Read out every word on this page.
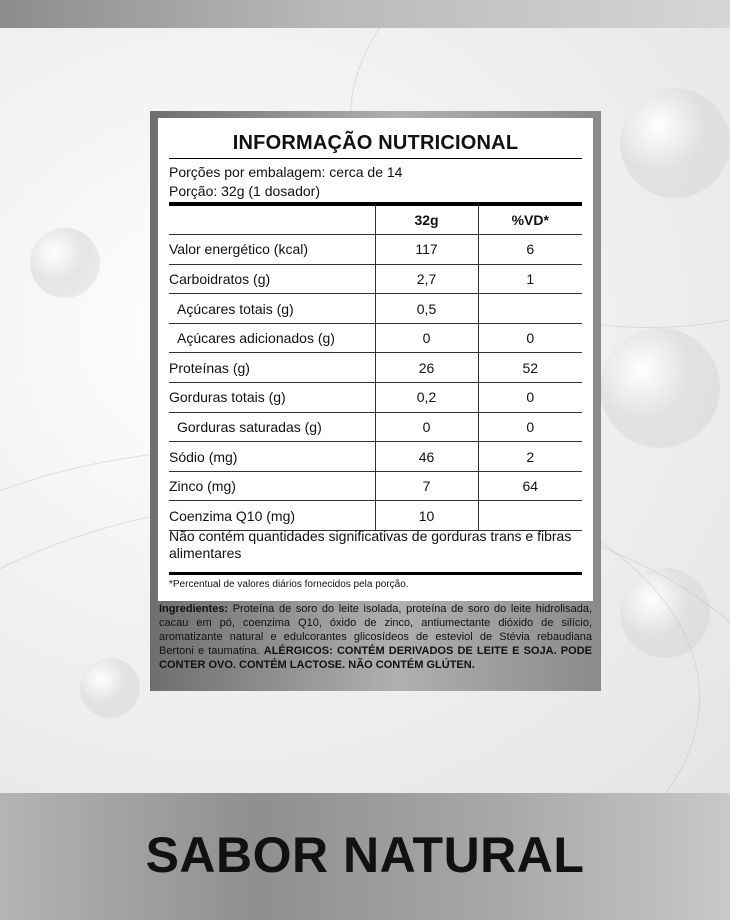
INFORMAÇÃO NUTRICIONAL
Porções por embalagem: cerca de 14
Porção: 32g (1 dosador)
	32g	%VD*
Valor energético (kcal)	117	6
Carboidratos (g)	2,7	1
Açúcares totais (g)	0,5	
Açúcares adicionados (g)	0	0
Proteínas (g)	26	52
Gorduras totais (g)	0,2	0
Gorduras saturadas (g)	0	0
Sódio (mg)	46	2
Zinco (mg)	7	64
Coenzima Q10 (mg)	10	
Não contém quantidades significativas de gorduras trans e fibras alimentares
*Percentual de valores diários fornecidos pela porção.
Ingredientes: Proteína de soro do leite isolada, proteína de soro do leite hidrolisada, cacau em pó, coenzima Q10, óxido de zinco, antiumectante dióxido de silício, aromatizante natural e edulcorantes glicosídeos de esteviol de Stévia rebaudiana Bertoni e taumatina. ALÉRGICOS: CONTÉM DERIVADOS DE LEITE E SOJA. PODE CONTER OVO. CONTÉM LACTOSE. NÃO CONTÉM GLÚTEN.
SABOR NATURAL
